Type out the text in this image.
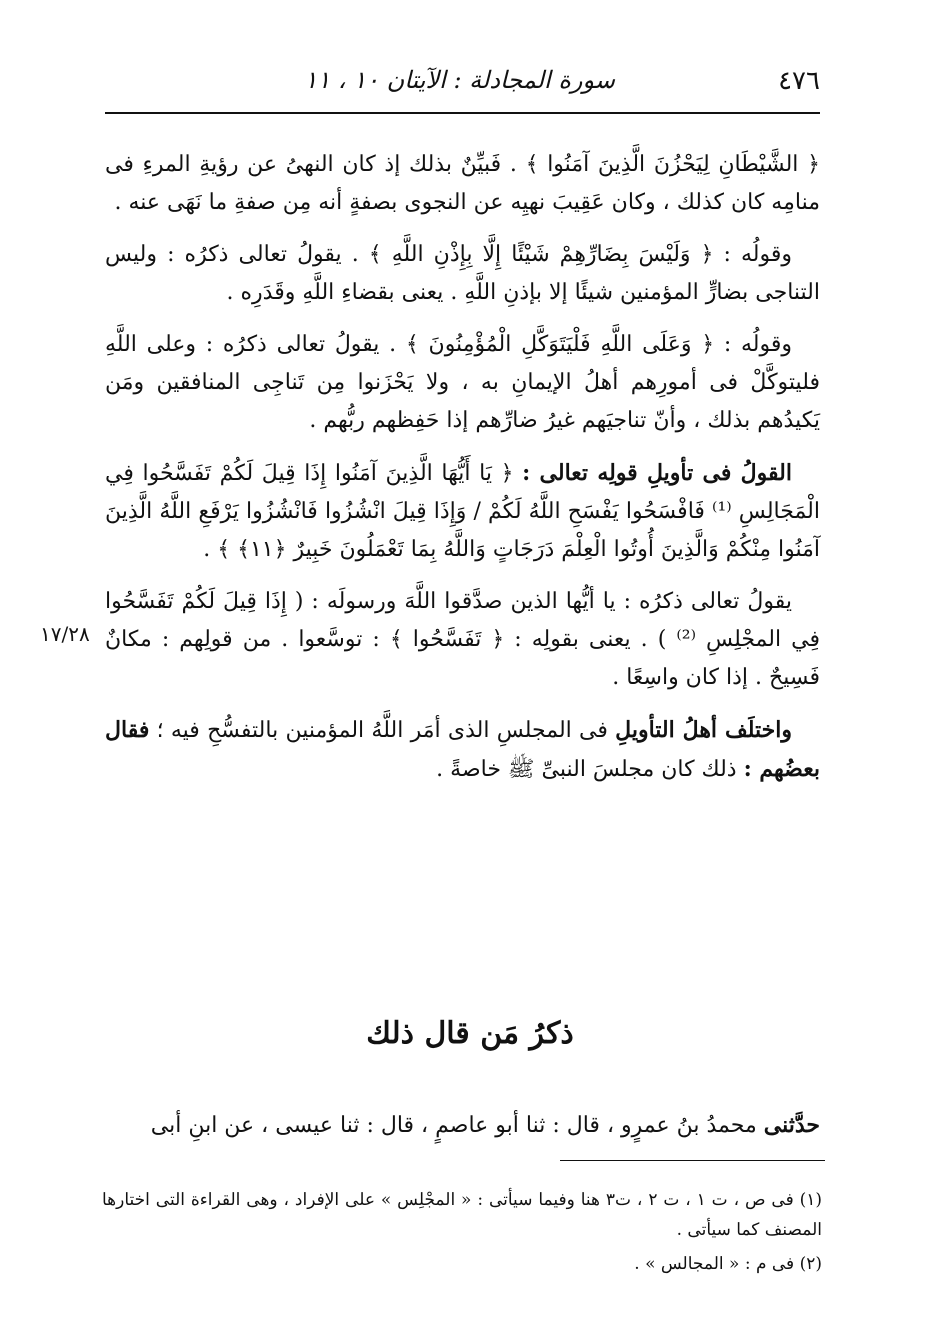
٤٧٦
سورة المجادلة : الآيتان ١٠ ، ١١

﴿ الشَّيْطَانِ لِيَحْزُنَ الَّذِينَ آمَنُوا ﴾ . فَبيِّنٌ بذلك إذ كان النهىُ عن رؤيةِ المرءِ فى منامِه كان كذلك ، وكان عَقِيبَ نهيِه عن النجوى بصفةٍ أنه مِن صفةِ ما نَهَى عنه .

وقولُه : ﴿ وَلَيْسَ بِضَارِّهِمْ شَيْئًا إِلَّا بِإِذْنِ اللَّهِ ﴾ . يقولُ تعالى ذكرُه : وليس التناجى بضارٍّ المؤمنين شيئًا إلا بإذنِ اللَّهِ . يعنى بقضاءِ اللَّهِ وقَدَرِه .

وقولُه : ﴿ وَعَلَى اللَّهِ فَلْيَتَوَكَّلِ الْمُؤْمِنُونَ ﴾ . يقولُ تعالى ذكرُه : وعلى اللَّهِ فليتوكَّلْ فى أمورِهم أهلُ الإيمانِ به ، ولا يَحْزَنوا مِن تَناجِى المنافقين ومَن يَكيدُهم بذلك ، وأنّ تناجيَهم غيرُ ضارِّهم إذا حَفِظهم ربُّهم .

القولُ فى تأويلِ قولِه تعالى : ﴿ يَا أَيُّهَا الَّذِينَ آمَنُوا إِذَا قِيلَ لَكُمْ تَفَسَّحُوا فِي الْمَجَالِسِ ⁽¹⁾ فَافْسَحُوا يَفْسَحِ اللَّهُ لَكُمْ / وَإِذَا قِيلَ انْشُزُوا فَانْشُزُوا يَرْفَعِ اللَّهُ الَّذِينَ آمَنُوا مِنْكُمْ وَالَّذِينَ أُوتُوا الْعِلْمَ دَرَجَاتٍ وَاللَّهُ بِمَا تَعْمَلُونَ خَبِيرٌ ﴿١١﴾ ﴾ .

يقولُ تعالى ذكرُه : يا أيُّها الذين صدَّقوا اللَّهَ ورسولَه : ( إِذَا قِيلَ لَكُمْ تَفَسَّحُوا فِي المجْلِسِ ⁽²⁾ ) . يعنى بقولِه : ﴿ تَفَسَّحُوا ﴾ : توسَّعوا . من قولِهم : مكانٌ فَسِيحٌ . إذا كان واسِعًا .

واختلَف أهلُ التأويلِ فى المجلسِ الذى أمَر اللَّهُ المؤمنين بالتفسُّحِ فيه ؛ فقال بعضُهم : ذلك كان مجلسَ النبىِّ ﷺ خاصةً .

١٧/٢٨
ذكرُ مَن قال ذلك

حدَّثنى محمدُ بنُ عمرٍو ، قال : ثنا أبو عاصمٍ ، قال : ثنا عيسى ، عن ابنِ أبى

(١) فى ص ، ت ١ ، ت ٢ ، ت٣ هنا وفيما سيأتى : « المجْلِس » على الإفراد ، وهى القراءة التى اختارها المصنف كما سيأتى .

(٢) فى م : « المجالس » .
